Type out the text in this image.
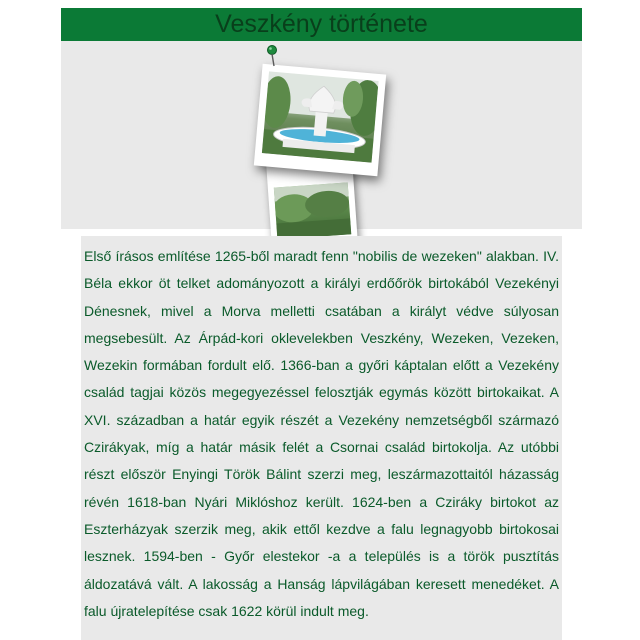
Veszkény története

Első írásos említése 1265-ből maradt fenn "nobilis de wezeken" alakban. IV. Béla ekkor öt telket adományozott a királyi erdőőrök birtokából Vezekényi Dénesnek, mivel a Morva melletti csatában a királyt védve súlyosan megsebesült. Az Árpád-kori oklevelekben Veszkény, Wezeken, Vezeken, Wezekin formában fordult elő. 1366-ban a győri káptalan előtt a Vezekény család tagjai közös megegyezéssel felosztják egymás között birtokaikat. A XVI. században a határ egyik részét a Vezekény nemzetségből származó Czirákyak, míg a határ másik felét a Csornai család birtokolja. Az utóbbi részt először Enyingi Török Bálint szerzi meg, leszármazottaitól házasság révén 1618-ban Nyári Miklóshoz került. 1624-ben a Cziráky birtokot az Eszterházyak szerzik meg, akik ettől kezdve a falu legnagyobb birtokosai lesznek. 1594-ben - Győr elestekor -a a település is a török pusztítás áldozatává vált. A lakosság a Hanság lápvilágában keresett menedéket. A falu újratelepítése csak 1622 körül indult meg.
